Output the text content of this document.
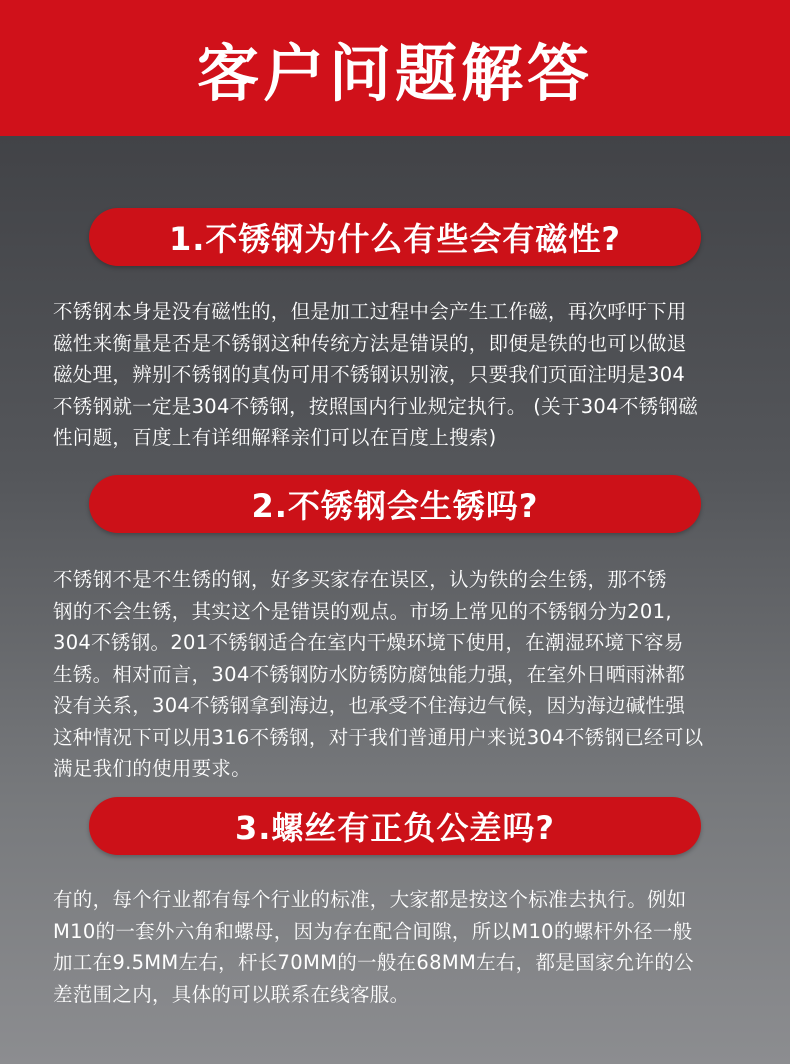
客户问题解答
1.不锈钢为什么有些会有磁性?

不锈钢本身是没有磁性的，但是加工过程中会产生工作磁，再次呼吁下用
磁性来衡量是否是不锈钢这种传统方法是错误的，即便是铁的也可以做退
磁处理，辨别不锈钢的真伪可用不锈钢识别液，只要我们页面注明是304
不锈钢就一定是304不锈钢，按照国内行业规定执行。 (关于304不锈钢磁
性问题，百度上有详细解释亲们可以在百度上搜索)

2.不锈钢会生锈吗?

不锈钢不是不生锈的钢，好多买家存在误区，认为铁的会生锈，那不锈
钢的不会生锈，其实这个是错误的观点。市场上常见的不锈钢分为201,
304不锈钢。201不锈钢适合在室内干燥环境下使用，在潮湿环境下容易
生锈。相对而言，304不锈钢防水防锈防腐蚀能力强，在室外日晒雨淋都
没有关系，304不锈钢拿到海边，也承受不住海边气候，因为海边碱性强
这种情况下可以用316不锈钢，对于我们普通用户来说304不锈钢已经可以
满足我们的使用要求。

3.螺丝有正负公差吗?

有的，每个行业都有每个行业的标准，大家都是按这个标准去执行。例如
M10的一套外六角和螺母，因为存在配合间隙，所以M10的螺杆外径一般
加工在9.5MM左右，杆长70MM的一般在68MM左右，都是国家允许的公
差范围之内，具体的可以联系在线客服。
